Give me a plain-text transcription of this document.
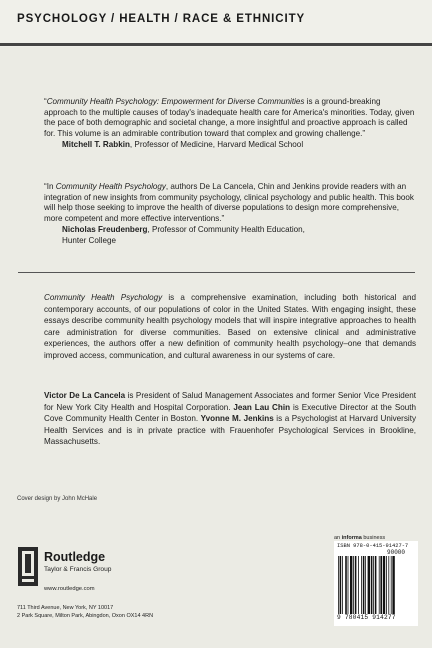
PSYCHOLOGY / HEALTH / RACE & ETHNICITY
“Community Health Psychology: Empowerment for Diverse Communities is a ground-breaking approach to the multiple causes of today's inadequate health care for America's minorities. Today, given the pace of both demographic and societal change, a more insightful and proactive approach is called for. This volume is an admirable contribution toward that complex and growing challenge.”
Mitchell T. Rabkin, Professor of Medicine, Harvard Medical School
“In Community Health Psychology, authors De La Cancela, Chin and Jenkins provide readers with an integration of new insights from community psychology, clinical psychology and public health. This book will help those seeking to improve the health of diverse populations to design more comprehensive, more competent and more effective interventions.”
Nicholas Freudenberg, Professor of Community Health Education,
Hunter College
Community Health Psychology is a comprehensive examination, including both historical and contemporary accounts, of our populations of color in the United States. With engaging insight, these essays describe community health psychology models that will inspire integrative approaches to health care administration for diverse communities. Based on extensive clinical and administrative experiences, the authors offer a new definition of community health psychology–one that demands improved access, communication, and cultural awareness in our systems of care.
Victor De La Cancela is President of Salud Management Associates and former Senior Vice President for New York City Health and Hospital Corporation. Jean Lau Chin is Executive Director at the South Cove Community Health Center in Boston. Yvonne M. Jenkins is a Psychologist at Harvard University Health Services and is in private practice with Frauenhofer Psychological Services in Brookline, Massachusetts.
Cover design by John McHale
an informa business
ISBN 978-0-415-91427-7
90000
9 780415 914277
Routledge
Taylor & Francis Group
www.routledge.com
711 Third Avenue, New York, NY 10017
2 Park Square, Milton Park, Abingdon, Oxon OX14 4RN
